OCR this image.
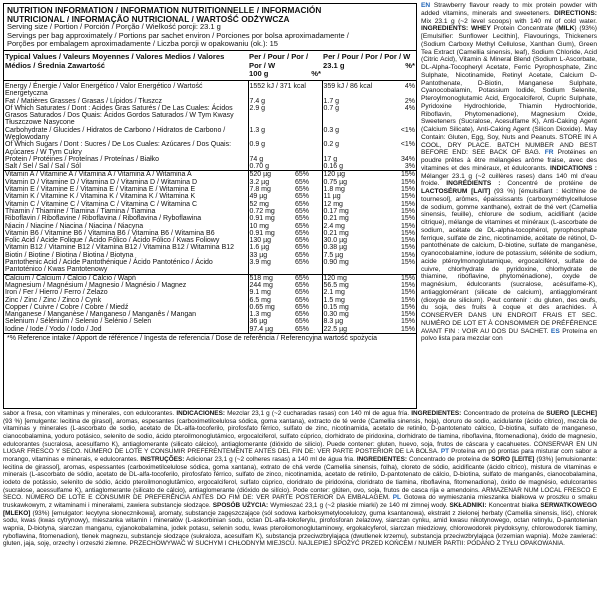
NUTRITION INFORMATION / INFORMATION NUTRITIONNELLE / INFORMACIÓN
NUTRICIONAL / INFORMAÇÃO NUTRICIONAL / WARTOŚĆ ODŻYWCZA
Serving size / Portion / Porción / Porção / Wielkość porcji: 23.1 g
Servings per bag approximately / Portions par sachet environ / Porciones por bolsa aproximadamente /
Porções por embalagem aproximadamente / Liczba porcji w opakowaniu (ok.): 15
Typical Values / Valeurs Moyennes / Valores Medios / Valores Médios / Średnia Zawartość	Per / Pour / Por / Por / W
100 g %*		Per / Pour / Por / Por / W
23.1 g %*	

Energy / Énergie / Valor Energético / Valor Energético / Wartość Energetyczna	1552 kJ / 371 kcal		359 kJ / 86 kcal	4%
Fat / Matières Grasses / Grasas / Lípidos / Tłuszcz	7.4 g		1.7 g	2%
Of Which Saturates / Dont : Acides Gras Saturés / De Las Cuales: Ácidos Grasos Saturados / Dos Quais: Ácidos Gordos Saturados / W Tym Kwasy Tłuszczowe Nasycone	2.9 g		0.7 g	4%
Carbohydrate / Glucides / Hidratos de Carbono / Hidratos de Carbono / Węglowodany	1.3 g		0.3 g	<1%
Of Which Sugars / Dont : Sucres / De Los Cuales: Azúcares / Dos Quais: Açúcares / W Tym Cukry	0.9 g		0.2 g	<1%
Protein / Protéines / Proteínas / Proteínas / Białko	74 g		17 g	34%
Salt / Sel / Sal / Sal / Sól	0.70 g		0.16 g	3%
Vitamin A / Vitamine A / Vitamina A / Vitamina A / Witamina A	520 µg	65%	120 µg	15%
Vitamin D / Vitamine D / Vitamina D / Vitamina D / Witamina D	3.2 µg	65%	0.75 µg	15%
Vitamin E / Vitamine E / Vitamina E / Vitamina E / Witamina E	7.8 mg	65%	1.8 mg	15%
Vitamin K / Vitamine K / Vitamina K / Vitamina K / Witamina K	49 µg	65%	11 µg	15%
Vitamin C / Vitamine C / Vitamina C / Vitamina C / Witamina C	52 mg	65%	12 mg	15%
Thiamin / Thiamine / Tiamina / Tiamina / Tiamina	0.72 mg	65%	0.17 mg	15%
Riboflavin / Riboflavine / Riboflavina / Riboflavina / Ryboflawina	0.91 mg	65%	0.21 mg	15%
Niacin / Niacine / Niacina / Niacina / Niacyna	10 mg	65%	2.4 mg	15%
Vitamin B6 / Vitamine B6 / Vitamina B6 / Vitamina B6 / Witamina B6	0.91 mg	65%	0.21 mg	15%
Folic Acid / Acide Folique / Ácido Fólico / Ácido Fólico / Kwas Foliowy	130 µg	65%	30.0 µg	15%
Vitamin B12 / Vitamine B12 / Vitamina B12 / Vitamina B12 / Witamina B12	1.6 µg	65%	0.38 µg	15%
Biotin / Biotine / Biotina / Biotina / Biotyna	33 µg	65%	7.5 µg	15%
Pantothenic Acid / Acide Pantothénique / Ácido Pantoténico / Ácido Pantoténico / Kwas Pantotenowy	3.9 mg	65%	0.90 mg	15%
Calcium / Calcium / Calcio / Cálcio / Wapń	518 mg	65%	120 mg	15%
Magnesium / Magnésium / Magnesio / Magnésio / Magnez	244 mg	65%	56.5 mg	15%
Iron / Fer / Hierro / Ferro / Żelazo	9.1 mg	65%	2.1 mg	15%
Zinc / Zinc / Zinc / Zinco / Cynk	6.5 mg	65%	1.5 mg	15%
Copper / Cuivre / Cobre / Cobre / Miedź	0.65 mg	65%	0.15 mg	15%
Manganese / Manganèse / Manganeso / Manganês / Mangan	1.3 mg	65%	0.30 mg	15%
Selenium / Sélénium / Selenio / Selénio / Selen	36 µg	65%	8.3 µg	15%
Iodine / Iode / Yodo / Iodo / Jod	97.4 µg	65%	22.5 µg	15%
*% Reference intake / Apport de référence / Ingesta de referencia / Dose de referência / Referencyjna wartość spożycia
EN Strawberry flavour ready to mix protein powder with added vitamins, minerals and sweeteners. DIRECTIONS: Mix 23.1 g (~2 level scoops) with 140 ml of cold water. INGREDIENTS: WHEY Protein Concentrate (MILK) (93%) [Emulsifier: Sunflower Lecithin], Flavourings, Thickeners (Sodium Carboxy Methyl Cellulose, Xanthan Gum), Green Tea Extract (Camellia sinensis, leaf), Sodium Chloride, Acid (Citric Acid), Vitamin & Mineral Blend (Sodium L-Ascorbate, DL-Alpha-Tocopheryl Acetate, Ferric Pyrophosphate, Zinc Sulphate, Nicotinamide, Retinyl Acetate, Calcium D-Pantothenate, D-Biotin, Manganese Sulphate, Cyanocobalamin, Potassium Iodide, Sodium Selenite, Pteroylmonoglutamic Acid, Ergocalciferol, Cupric Sulphate, Pyridoxine Hydrochloride, Thiamin Hydrochloride, Riboflavin, Phytomenadione), Magnesium Oxide, Sweeteners (Sucralose, Acesulfame K), Anti-Caking Agent (Calcium Silicate), Anti-Caking Agent (Silicon Dioxide). May Contain: Gluten, Egg, Soy, Nuts and Peanuts. STORE IN A COOL, DRY PLACE. BATCH NUMBER AND BEST BEFORE END: SEE BACK OF BAG. FR Protéines en poudre prêtes à être mélangées arôme fraise, avec des vitamines et des minéraux, et édulcorants. INDICATIONS : Mélanger 23.1 g (~2 cuillères rases) dans 140 ml d'eau froide. INGRÉDIENTS : Concentré de protéine de LACTOSÉRUM [LAIT] (93 %) [émulsifiant : lécithine de tournesol], arômes, épaississants (carboxyméthylcellulose de sodium, gomme xanthane), extrait de thé vert (Camellia sinensis, feuille), chlorure de sodium, acidifiant (acide citrique), mélange de vitamines et minéraux (L-ascorbate de sodium, acétate de DL-alpha-tocophérol, pyrophosphate ferrique, sulfate de zinc, nicotinamide, acétate de rétinol, D-pantothénate de calcium, D-biotine, sulfate de manganèse, cyanocobalamine, iodure de potassium, sélénite de sodium, acide ptéroylmonoglutamique, ergocalciférol, sulfate de cuivre, chlorhydrate de pyridoxine, chlorhydrate de thiamine, riboflavine, phytoménadione), oxyde de magnésium, édulcorants (sucralose, acésulfame-K), antiagglomérant (silicate de calcium), antiagglomérant (dioxyde de silicium). Peut contenir : du gluten, des œufs, du soja, des fruits à coque et des arachides. À CONSERVER DANS UN ENDROIT FRAIS ET SEC. NUMÉRO DE LOT ET À CONSOMMER DE PRÉFÉRENCE AVANT FIN : VOIR AU DOS DU SACHET. ES Proteína en polvo lista para mezclar con
sabor a fresa, con vitaminas y minerales, con edulcorantes. INDICACIONES: Mezclar 23,1 g (~2 cucharadas rasas) con 140 ml de agua fría. INGREDIENTES: Concentrado de proteína de SUERO [LECHE] (93 %) [emulgente: lecitina de girasol], aromas, espesantes (carboximetilcelulosa sódica, goma xantana), extracto de té verde (Camellia sinensis, hoja), cloruro de sodio, acidulante (ácido cítrico), mezcla de vitaminas y minerales (L-ascorbato de sodio, acetato de DL-alfa-tocoferilo, pirofosfato férrico, sulfato de zinc, nicotinamida, acetato de retinilo, D-pantotenato cálcico, D-biotina, sulfato de manganeso, cianocobalamina, yoduro potásico, selenito de sodio, ácido pteroilmonoglutámico, ergocalciferol, sulfato cúprico, clorhidrato de piridoxina, clorhidrato de tiamina, riboflavina, fitomenadiona), óxido de magnesio, edulcorantes (sucralosa, acesulfamo K), antiaglomerante (silicato cálcico), antiaglomerante (dióxido de silicio). Puede contener: gluten, huevo, soja, frutos de cáscara y cacahuetes. CONSERVAR EN UN LUGAR FRESCO Y SECO. NÚMERO DE LOTE Y CONSUMIR PREFERENTEMENTE ANTES DEL FIN DE: VER PARTE POSTERIOR DE LA BOLSA. PT Proteína em pó prontas para misturar com sabor a morango, vitaminas e minerais, e edulcorantes. INSTRUÇÕES: Adicionar 23,1 g (~2 colheres rasas) a 140 ml de água fria. INGREDIENTES: Concentrado de proteína de SORO [LEITE] (93%) [emulsionante: lecitina de girassol], aromas, espessantes (carboximetilcelulose sódica, goma xantana), extrato de chá verde (Camellia sinensis, folha), cloreto de sódio, acidificante (ácido cítrico), mistura de vitaminas e minerais (L-ascorbato de sódio, acetato de DL-alfa-tocoferilo, pirofosfato férrico, sulfato de zinco, nicotinamida, acetato de retinilo, D-pantotenato de cálcio, D-biotina, sulfato de manganês, cianocobalamina, iodeto de potássio, selenito de sódio, ácido pteroilmonoglutâmico, ergocalciferol, sulfato cúprico, cloridrato de piridoxina, cloridrato de tiamina, riboflavina, fitomenadiona), óxido de magnésio, edulcorantes (sucralose, acessulfame K), antiaglomerante (silicato de cálcio), antiaglomerante (dióxido de silício). Pode conter: glúten, ovo, soja, frutos de casca rija e amendoins. ARMAZENAR NUM LOCAL FRESCO E SECO. NÚMERO DE LOTE E CONSUMIR DE PREFERÊNCIA ANTES DO FIM DE: VER PARTE POSTERIOR DA EMBALAGEM. PL Gotowa do wymieszania mieszanka białkowa w proszku o smaku truskawkowym, z witaminami i minerałami, zawiera substancje słodzące. SPOSÓB UŻYCIA: Wymieszać 23,1 g (~2 płaskie miarki) ze 140 ml zimnej wody. SKŁADNIKI: Koncentrat białka SERWATKOWEGO [MLEKO] (93%) [emulgator: lecytyna słonecznikowa], aromaty, substancje zagęszczające (sól sodowa karboksymetylocelulozy, guma ksantanowa), ekstrakt z zielonej herbaty (Camellia sinensis, liść), chlorek sodu, kwas (kwas cytrynowy), mieszanka witamin i minerałów (L-askorbinian sodu, octan DL-alfa-tokoferylu, pirofosforan żelazowy, siarczan cynku, amid kwasu nikotynowego, octan retinylu, D-pantotenian wapnia, D-biotyna, siarczan manganu, cyjanokobalamina, jodek potasu, selenin sodu, kwas pteroilomonoglutaminowy, ergokalcyferol, siarczan miedziowy, chlorowodorek pirydoksyny, chlorowodorek tiaminy, ryboflawina, fitomenadion), tlenek magnezu, substancje słodzące (sukraloza, acesulfam K), substancja przeciwzbrylająca (dwutlenek krzemu), substancja przeciwzbrylająca (krzemian wapnia). Może zawierać: gluten, jaja, soję, orzechy i orzeszki ziemne. PRZECHOWYWAĆ W SUCHYM I CHŁODNYM MIEJSCU. NAJLEPIEJ SPOŻYĆ PRZED KOŃCEM / NUMER PARTII: PODANO Z TYŁU OPAKOWANIA.
